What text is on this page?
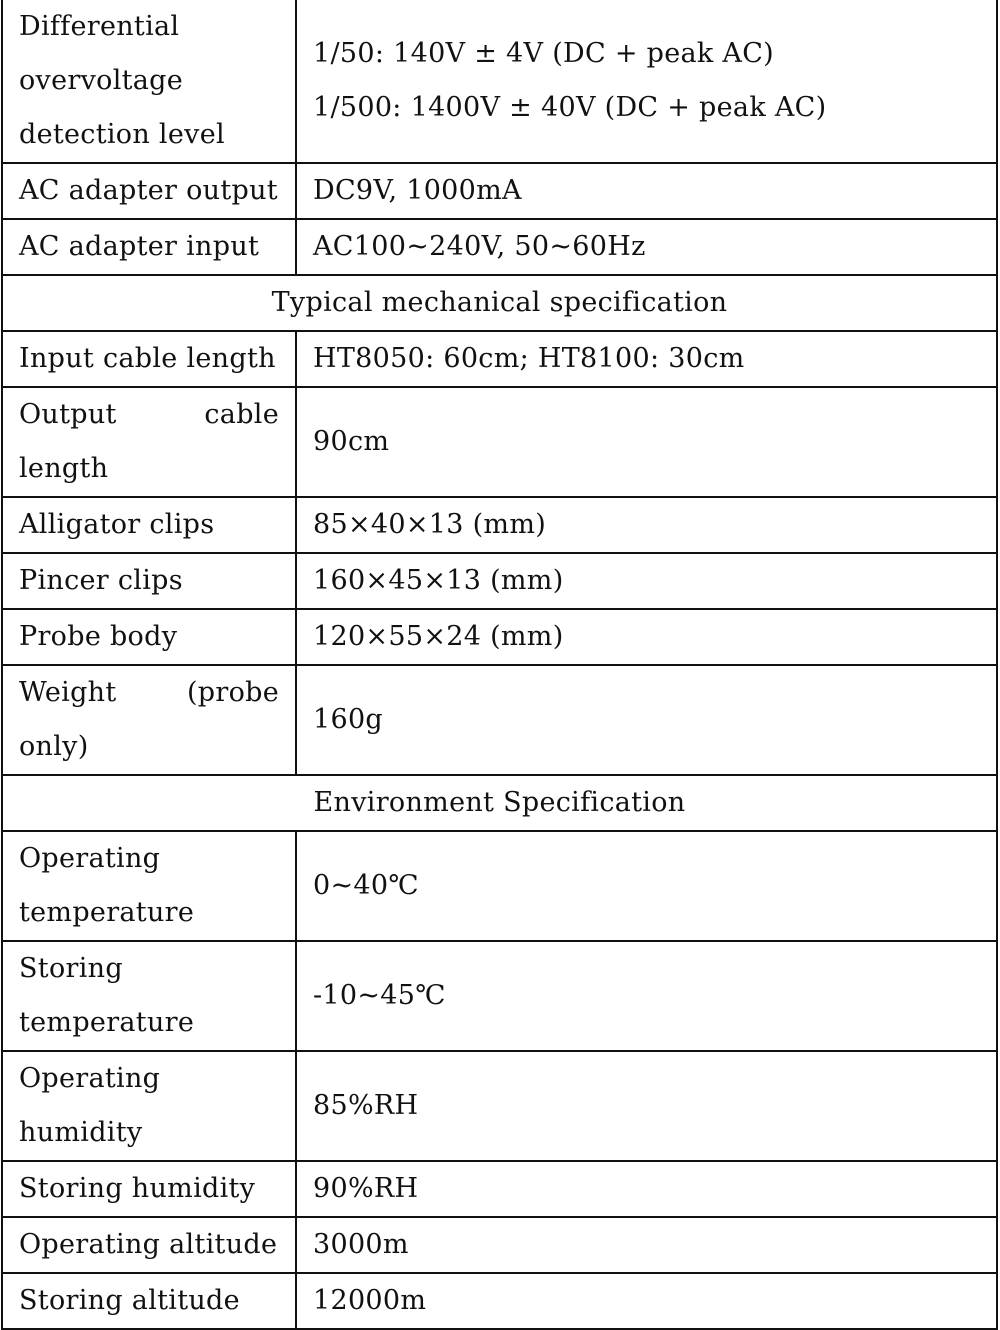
Differential overvoltage detection level	1/50: 140V ± 4V (DC + peak AC)
1/500: 1400V ± 40V (DC + peak AC)

AC adapter output	DC9V, 1000mA
AC adapter input	AC100~240V, 50~60Hz
Typical mechanical specification	
Input cable length	HT8050: 60cm; HT8100: 30cm
Output cable length	90cm
Alligator clips	85×40×13 (mm)
Pincer clips	160×45×13 (mm)
Probe body	120×55×24 (mm)
Weight (probe only)	160g
Environment Specification	
Operating temperature	0~40℃
Storing temperature	-10~45℃
Operating humidity	85%RH
Storing humidity	90%RH
Operating altitude	3000m
Storing altitude	12000m
